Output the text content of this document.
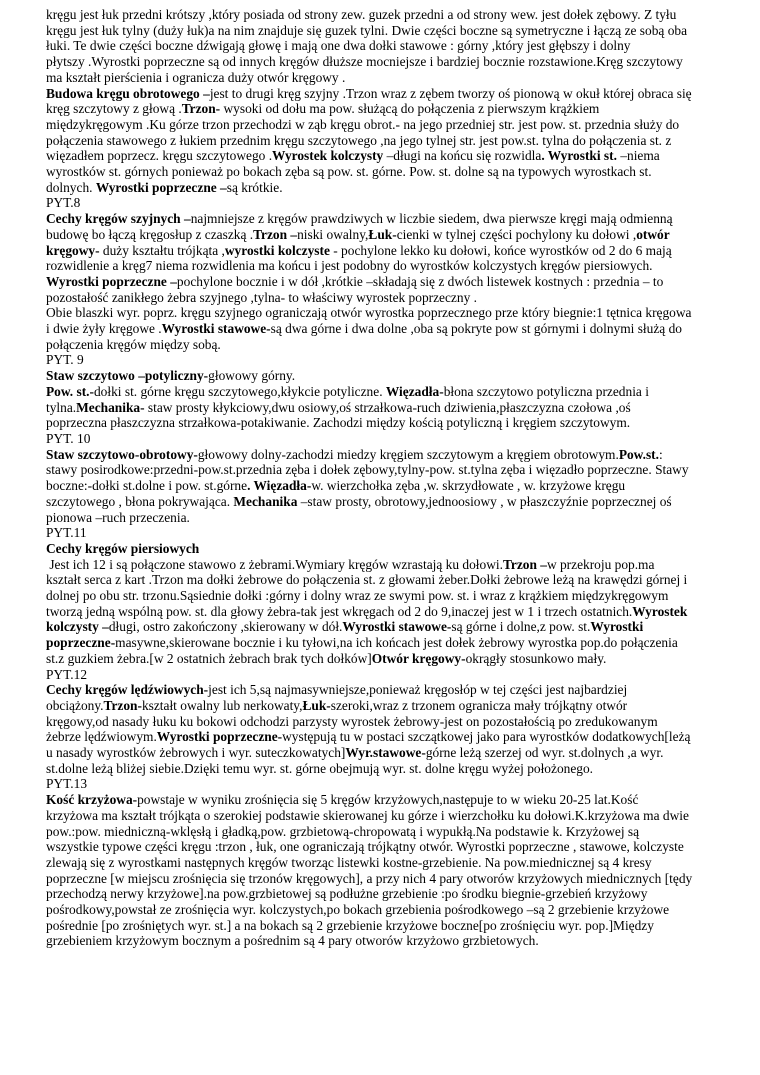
kręgu jest łuk przedni krótszy ,który posiada od strony zew. guzek przedni a od strony wew. jest dołek zębowy. Z tyłu

kręgu jest łuk tylny (duży łuk)a na nim znajduje się guzek tylni. Dwie części boczne są symetryczne i łączą ze sobą oba

łuki. Te dwie części boczne dźwigają głowę i mają one dwa dołki stawowe : górny ,który jest głębszy i dolny

płytszy .Wyrostki poprzeczne są od innych kręgów dłuższe mocniejsze i bardziej bocznie rozstawione.Kręg szczytowy

ma kształt pierścienia i ogranicza duży otwór kręgowy .

Budowa kręgu obrotowego –jest to drugi kręg szyjny .Trzon wraz z zębem tworzy oś pionową w okuł której obraca się

kręg szczytowy z głową .Trzon- wysoki od dołu ma pow. służącą do połączenia z pierwszym krążkiem

międzykręgowym .Ku górze trzon przechodzi w ząb kręgu obrot.- na jego przedniej str. jest pow. st. przednia służy do

połączenia stawowego z łukiem przednim kręgu szczytowego ,na jego tylnej str. jest pow.st. tylna do połączenia st. z

więzadłem poprzecz. kręgu szczytowego .Wyrostek kolczysty –długi na końcu się rozwidla. Wyrostki st. –niema

wyrostków st. górnych ponieważ po bokach zęba są pow. st. górne. Pow. st. dolne są na typowych wyrostkach st.

dolnych. Wyrostki poprzeczne –są krótkie.

PYT.8

Cechy kręgów szyjnych –najmniejsze z kręgów prawdziwych w liczbie siedem, dwa pierwsze kręgi mają odmienną

budowę bo łączą kręgosłup z czaszką .Trzon –niski owalny,Łuk-cienki w tylnej części pochylony ku dołowi ,otwór

kręgowy- duży kształtu trójkąta ,wyrostki kolczyste - pochylone lekko ku dołowi, końce wyrostków od 2 do 6 mają

rozwidlenie a kręg7 niema rozwidlenia ma końcu i jest podobny do wyrostków kolczystych kręgów piersiowych.

Wyrostki poprzeczne –pochylone bocznie i w dół ,krótkie –składają się z dwóch listewek kostnych : przednia – to

pozostałość zanikłego żebra szyjnego ,tylna- to właściwy wyrostek poprzeczny .

Obie blaszki wyr. poprz. kręgu szyjnego ograniczają otwór wyrostka poprzecznego prze który biegnie:1 tętnica kręgowa

i dwie żyły kręgowe .Wyrostki stawowe-są dwa górne i dwa dolne ,oba są pokryte pow st górnymi i dolnymi służą do

połączenia kręgów między sobą.

PYT. 9

Staw szczytowo –potyliczny-głowowy górny.

Pow. st.-dołki st. górne kręgu szczytowego,kłykcie potyliczne. Więzadła-błona szczytowo potyliczna przednia i

tylna.Mechanika- staw prosty kłykciowy,dwu osiowy,oś strzałkowa-ruch dziwienia,płaszczyzna czołowa ,oś

poprzeczna płaszczyzna strzałkowa-potakiwanie. Zachodzi między kością potyliczną i kręgiem szczytowym.

PYT. 10

Staw szczytowo-obrotowy-głowowy dolny-zachodzi miedzy kręgiem szczytowym a kręgiem obrotowym.Pow.st.:

stawy posirodkowe:przedni-pow.st.przednia zęba i dołek zębowy,tylny-pow. st.tylna zęba i więzadło poprzeczne. Stawy

boczne:-dołki st.dolne i pow. st.górne. Więzadła-w. wierzchołka zęba ,w. skrzydłowate , w. krzyżowe kręgu

szczytowego , błona pokrywająca. Mechanika –staw prosty, obrotowy,jednoosiowy , w płaszczyźnie poprzecznej oś

pionowa –ruch przeczenia.

PYT.11

Cechy kręgów piersiowych

Jest ich 12 i są połączone stawowo z żebrami.Wymiary kręgów wzrastają ku dołowi.Trzon –w przekroju pop.ma

kształt serca z kart .Trzon ma dołki żebrowe do połączenia st. z głowami żeber.Dołki żebrowe leżą na krawędzi górnej i

dolnej po obu str. trzonu.Sąsiednie dołki :górny i dolny wraz ze swymi pow. st. i wraz z krążkiem międzykręgowym

tworzą jedną wspólną pow. st. dla głowy żebra-tak jest wkręgach od 2 do 9,inaczej jest w 1 i trzech ostatnich.Wyrostek

kolczysty –długi, ostro zakończony ,skierowany w dół.Wyrostki stawowe-są górne i dolne,z pow. st.Wyrostki

poprzeczne-masywne,skierowane bocznie i ku tyłowi,na ich końcach jest dołek żebrowy wyrostka pop.do połączenia

st.z guzkiem żebra.[w 2 ostatnich żebrach brak tych dołków]Otwór kręgowy-okrągły stosunkowo mały.

PYT.12

Cechy kręgów lędźwiowych-jest ich 5,są najmasywniejsze,ponieważ kręgosłóp w tej części jest najbardziej

obciążony.Trzon-kształt owalny lub nerkowaty,Łuk-szeroki,wraz z trzonem ogranicza mały trójkątny otwór

kręgowy,od nasady łuku ku bokowi odchodzi parzysty wyrostek żebrowy-jest on pozostałością po zredukowanym

żebrze lędźwiowym.Wyrostki poprzeczne-występują tu w postaci szczątkowej jako para wyrostków dodatkowych[leżą

u nasady wyrostków żebrowych i wyr. suteczkowatych]Wyr.stawowe-górne leżą szerzej od wyr. st.dolnych ,a wyr.

st.dolne leżą bliżej siebie.Dzięki temu wyr. st. górne obejmują wyr. st. dolne kręgu wyżej położonego.

PYT.13

Kość krzyżowa-powstaje w wyniku zrośnięcia się 5 kręgów krzyżowych,następuje to w wieku 20-25 lat.Kość

krzyżowa ma kształt trójkąta o szerokiej podstawie skierowanej ku górze i wierzchołku ku dołowi.K.krzyżowa ma dwie

pow.:pow. miedniczną-wklęsłą i gładką,pow. grzbietową-chropowatą i wypukłą.Na podstawie k. Krzyżowej są

wszystkie typowe części kręgu :trzon , łuk, one ograniczają trójkątny otwór. Wyrostki poprzeczne , stawowe, kolczyste

zlewają się z wyrostkami następnych kręgów tworząc listewki kostne-grzebienie. Na pow.miednicznej są 4 kresy

poprzeczne [w miejscu zrośnięcia się trzonów kręgowych], a przy nich 4 pary otworów krzyżowych miednicznych [tędy

przechodzą nerwy krzyżowe].na pow.grzbietowej są podłużne grzebienie :po środku biegnie-grzebień krzyżowy

pośrodkowy,powstał ze zrośnięcia wyr. kolczystych,po bokach grzebienia pośrodkowego –są 2 grzebienie krzyżowe

pośrednie [po zrośniętych wyr. st.] a na bokach są 2 grzebienie krzyżowe boczne[po zrośnięciu wyr. pop.]Między

grzebieniem krzyżowym bocznym a pośrednim są 4 pary otworów krzyżowo grzbietowych.
